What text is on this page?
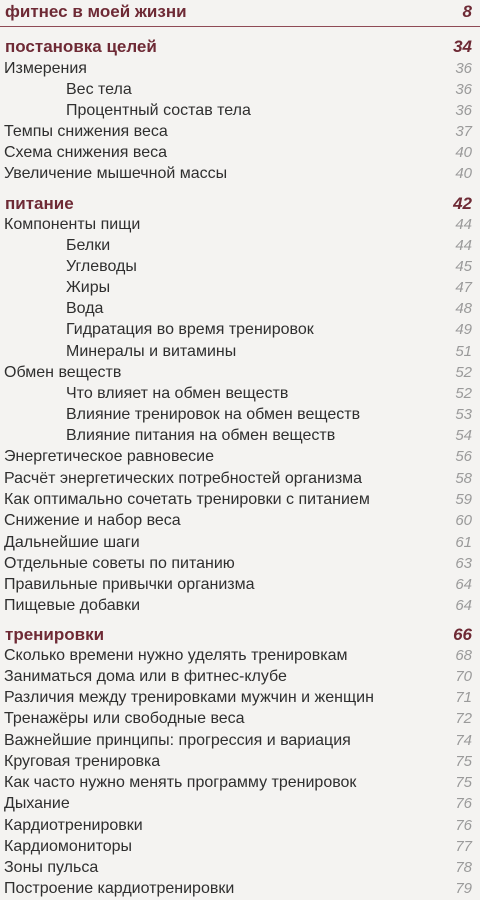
фитнес в моей жизни	8
постановка целей	34
Измерения	36
Вес тела	36
Процентный состав тела	36
Темпы снижения веса	37
Схема снижения веса	40
Увеличение мышечной массы	40
питание	42
Компоненты пищи	44
Белки	44
Углеводы	45
Жиры	47
Вода	48
Гидратация во время тренировок	49
Минералы и витамины	51
Обмен веществ	52
Что влияет на обмен веществ	52
Влияние тренировок на обмен веществ	53
Влияние питания на обмен веществ	54
Энергетическое равновесие	56
Расчёт энергетических потребностей организма	58
Как оптимально сочетать тренировки с питанием	59
Снижение и набор веса	60
Дальнейшие шаги	61
Отдельные советы по питанию	63
Правильные привычки организма	64
Пищевые добавки	64
тренировки	66
Сколько времени нужно уделять тренировкам	68
Заниматься дома или в фитнес-клубе	70
Различия между тренировками мужчин и женщин	71
Тренажёры или свободные веса	72
Важнейшие принципы: прогрессия и вариация	74
Круговая тренировка	75
Как часто нужно менять программу тренировок	75
Дыхание	76
Кардиотренировки	76
Кардиомониторы	77
Зоны пульса	78
Построение кардиотренировки	79
